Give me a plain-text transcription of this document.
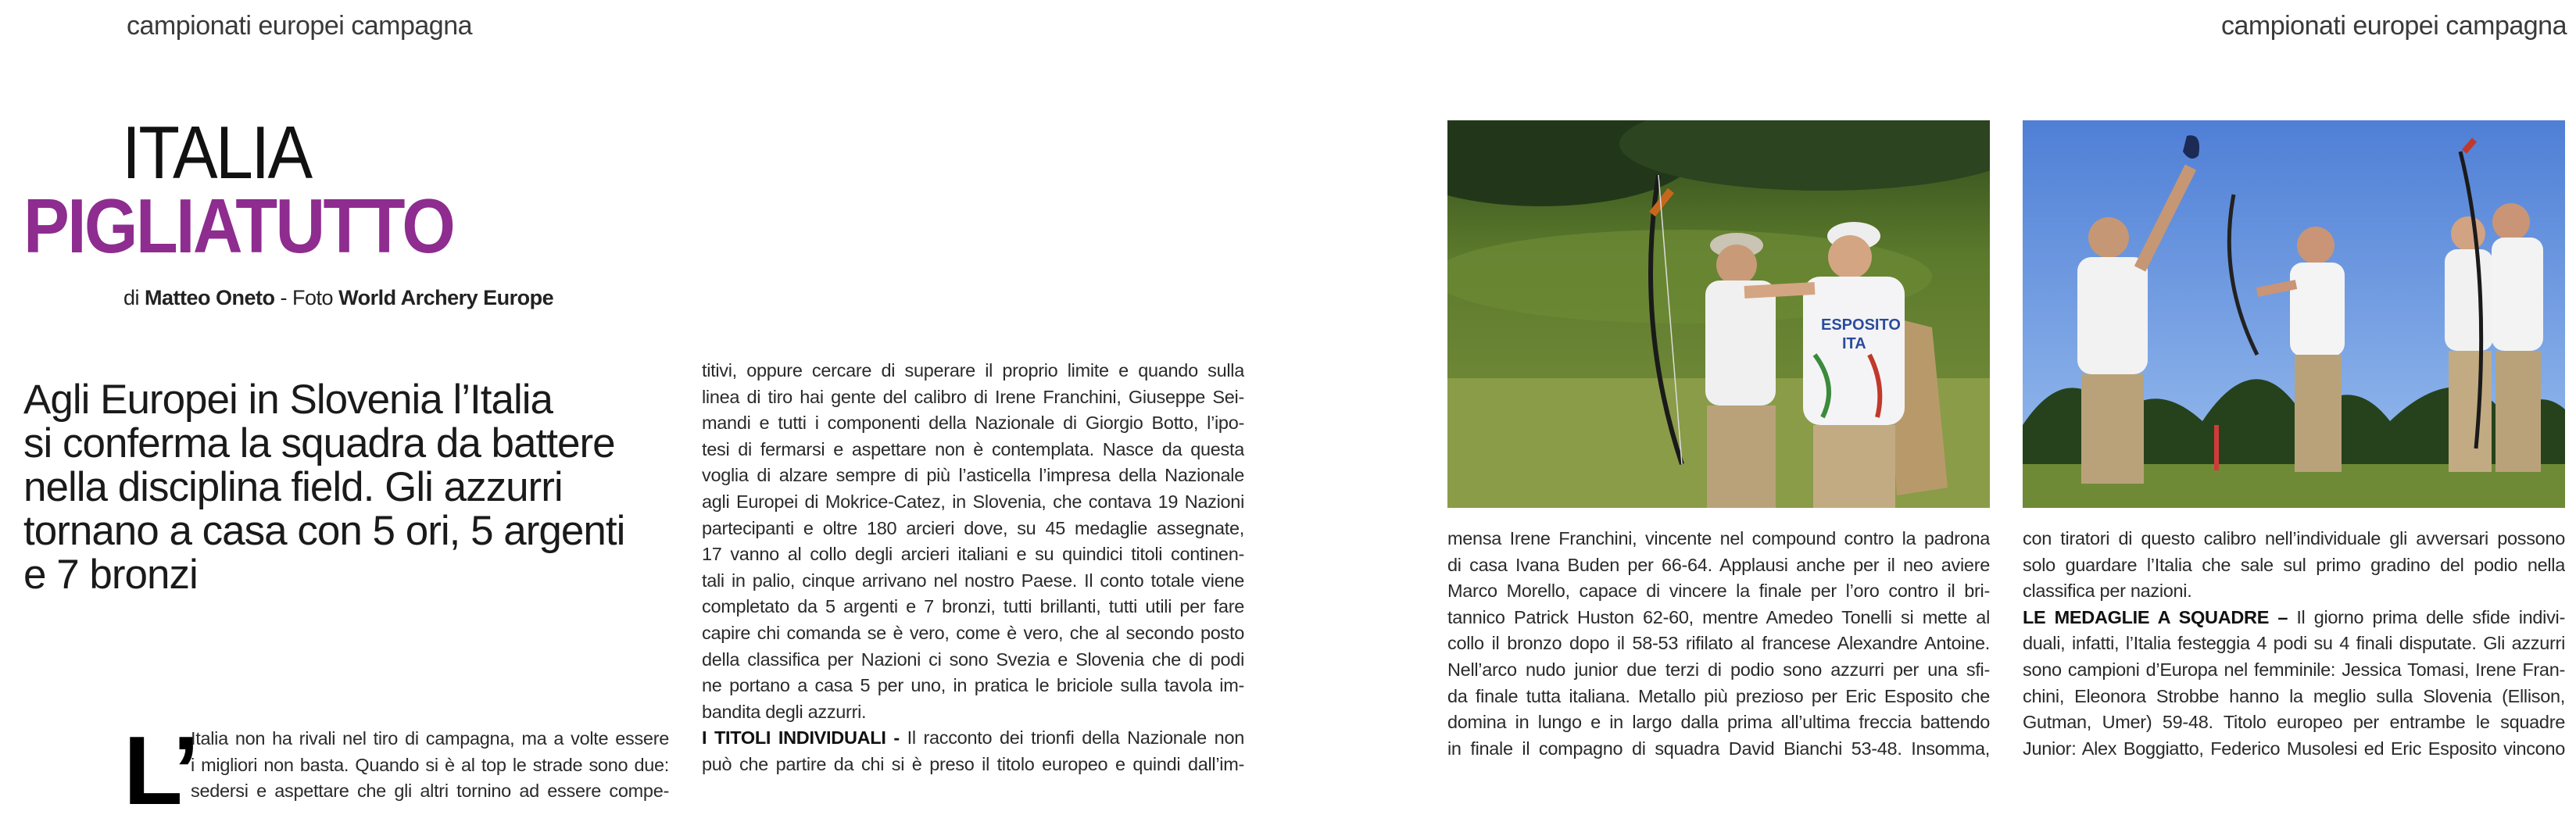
campionati europei campagna	campionati europei campagna
ITALIA
PIGLIATUTTO
di Matteo Oneto - Foto World Archery Europe
Agli Europei in Slovenia l’Italia
si conferma la squadra da battere
nella disciplina field. Gli azzurri
tornano a casa con 5 ori, 5 argenti
e 7 bronzi
L’
Italia non ha rivali nel tiro di campagna, ma a volte essere
i migliori non basta. Quando si è al top le strade sono due:
sedersi e aspettare che gli altri tornino ad essere compe-
titivi, oppure cercare di superare il proprio limite e quando sulla
linea di tiro hai gente del calibro di Irene Franchini, Giuseppe Sei-
mandi e tutti i componenti della Nazionale di Giorgio Botto, l’ipo-
tesi di fermarsi e aspettare non è contemplata. Nasce da questa
voglia di alzare sempre di più l’asticella l’impresa della Nazionale
agli Europei di Mokrice-Catez, in Slovenia, che contava 19 Nazioni
partecipanti e oltre 180 arcieri dove, su 45 medaglie assegnate,
17 vanno al collo degli arcieri italiani e su quindici titoli continen-
tali in palio, cinque arrivano nel nostro Paese. Il conto totale viene
completato da 5 argenti e 7 bronzi, tutti brillanti, tutti utili per fare
capire chi comanda se è vero, come è vero, che al secondo posto
della classifica per Nazioni ci sono Svezia e Slovenia che di podi
ne portano a casa 5 per uno, in pratica le briciole sulla tavola im-
bandita degli azzurri.
I TITOLI INDIVIDUALI - Il racconto dei trionfi della Nazionale non
può che partire da chi si è preso il titolo europeo e quindi dall’im-
ESPOSITO
ITA
mensa Irene Franchini, vincente nel compound contro la padrona
di casa Ivana Buden per 66-64. Applausi anche per il neo aviere
Marco Morello, capace di vincere la finale per l’oro contro il bri-
tannico Patrick Huston 62-60, mentre Amedeo Tonelli si mette al
collo il bronzo dopo il 58-53 rifilato al francese Alexandre Antoine.
Nell’arco nudo junior due terzi di podio sono azzurri per una sfi-
da finale tutta italiana. Metallo più prezioso per Eric Esposito che
domina in lungo e in largo dalla prima all’ultima freccia battendo
in finale il compagno di squadra David Bianchi 53-48. Insomma,
con tiratori di questo calibro nell’individuale gli avversari possono
solo guardare l’Italia che sale sul primo gradino del podio nella
classifica per nazioni.
LE MEDAGLIE A SQUADRE – Il giorno prima delle sfide indivi-
duali, infatti, l’Italia festeggia 4 podi su 4 finali disputate. Gli azzurri
sono campioni d’Europa nel femminile: Jessica Tomasi, Irene Fran-
chini, Eleonora Strobbe hanno la meglio sulla Slovenia (Ellison,
Gutman, Umer) 59-48. Titolo europeo per entrambe le squadre
Junior: Alex Boggiatto, Federico Musolesi ed Eric Esposito vincono
